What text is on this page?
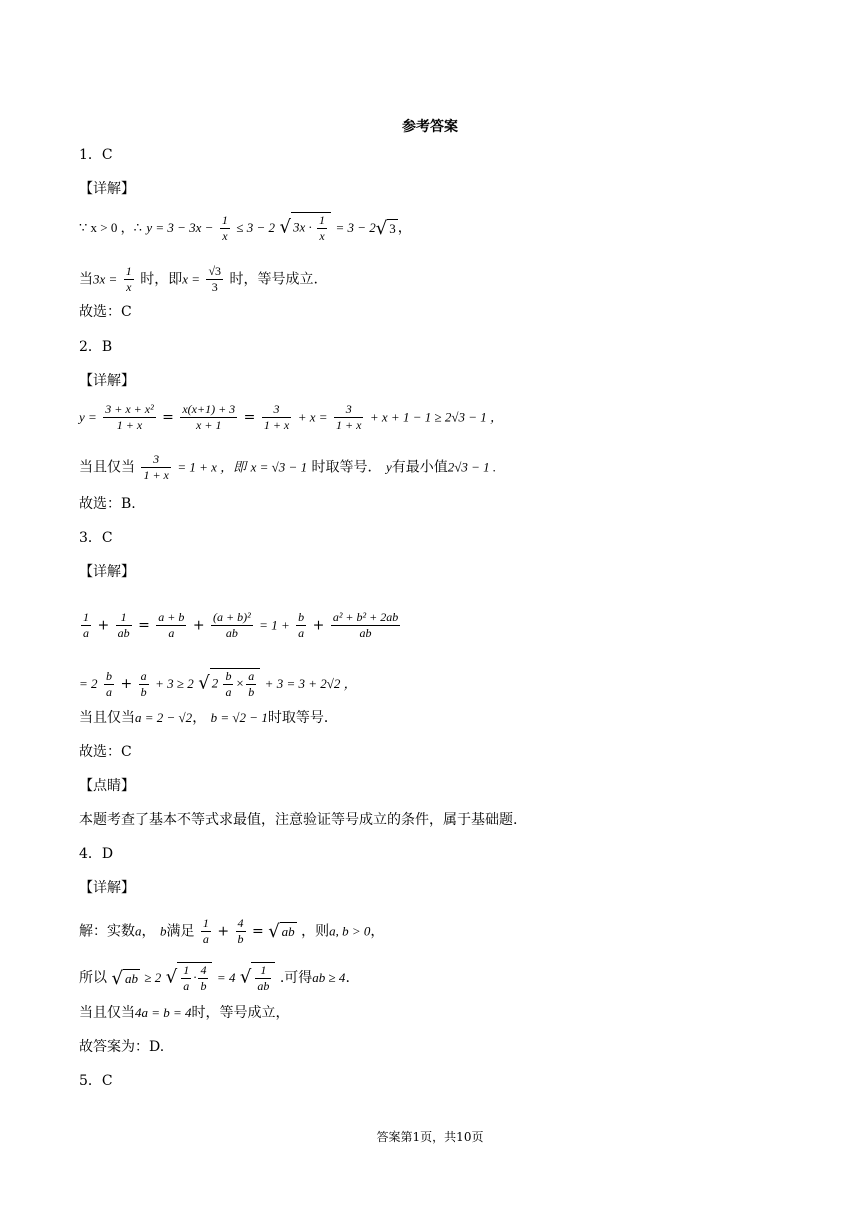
参考答案
1．C
【详解】
∵ x > 0 ，∴ $y = 3 - 3x - \frac{1}{x} \le 3 - 2$ √ $3x \cdot \frac{1}{x} = 3 - 2√$ 3 ，
当$3x = \frac{1}{x}$ 时，即$x = \frac{√3}{3}$ 时，等号成立.
故选：C
2．B
【详解】
$y = \frac{\text{3 + x + x²}}{1 + x} = \frac{x(x+1) + 3}{x + 1} = \frac{3}{1 + x} + x = \frac{3}{1 + x} + x + 1 - 1 \ge 2√3 - 1$ ，
当且仅当 $\frac{3}{1 + x} = 1 + x$ ，即 x = √3 − 1 时取等号． y有最小值2√3 − 1 .
故选：B.
3．C
【详解】
$\frac{1}{a} + \frac{1}{ab} = \frac{a + b}{a} + \frac{\text{(a + b)²}}{ab} = 1 + \frac{b}{a} + \frac{\text{a² + b² + 2ab}}{ab}$
= $2 \frac{b}{a} + \frac{a}{b} + 3 \ge 2$ √ $2 \frac{b}{a} \times \frac{a}{b} + 3 = 3 + 2√2$ ，
当且仅当a = 2 − √2， b = √2 − 1时取等号．
故选：C
【点睛】
本题考查了基本不等式求最值，注意验证等号成立的条件，属于基础题.
4．D
【详解】
解：实数a， b满足 $\frac{1}{a} + \frac{4}{b}$ = √ ab ，则a, b > 0，
所以 √ ab ≥ 2 √ $\frac{1}{a} \cdot \frac{4}{b} = 4$ √ $\frac{1}{ab}$ .可得ab ≥ 4.
当且仅当4a = b = 4时，等号成立，
故答案为：D.
5．C
答案第1页，共10页
